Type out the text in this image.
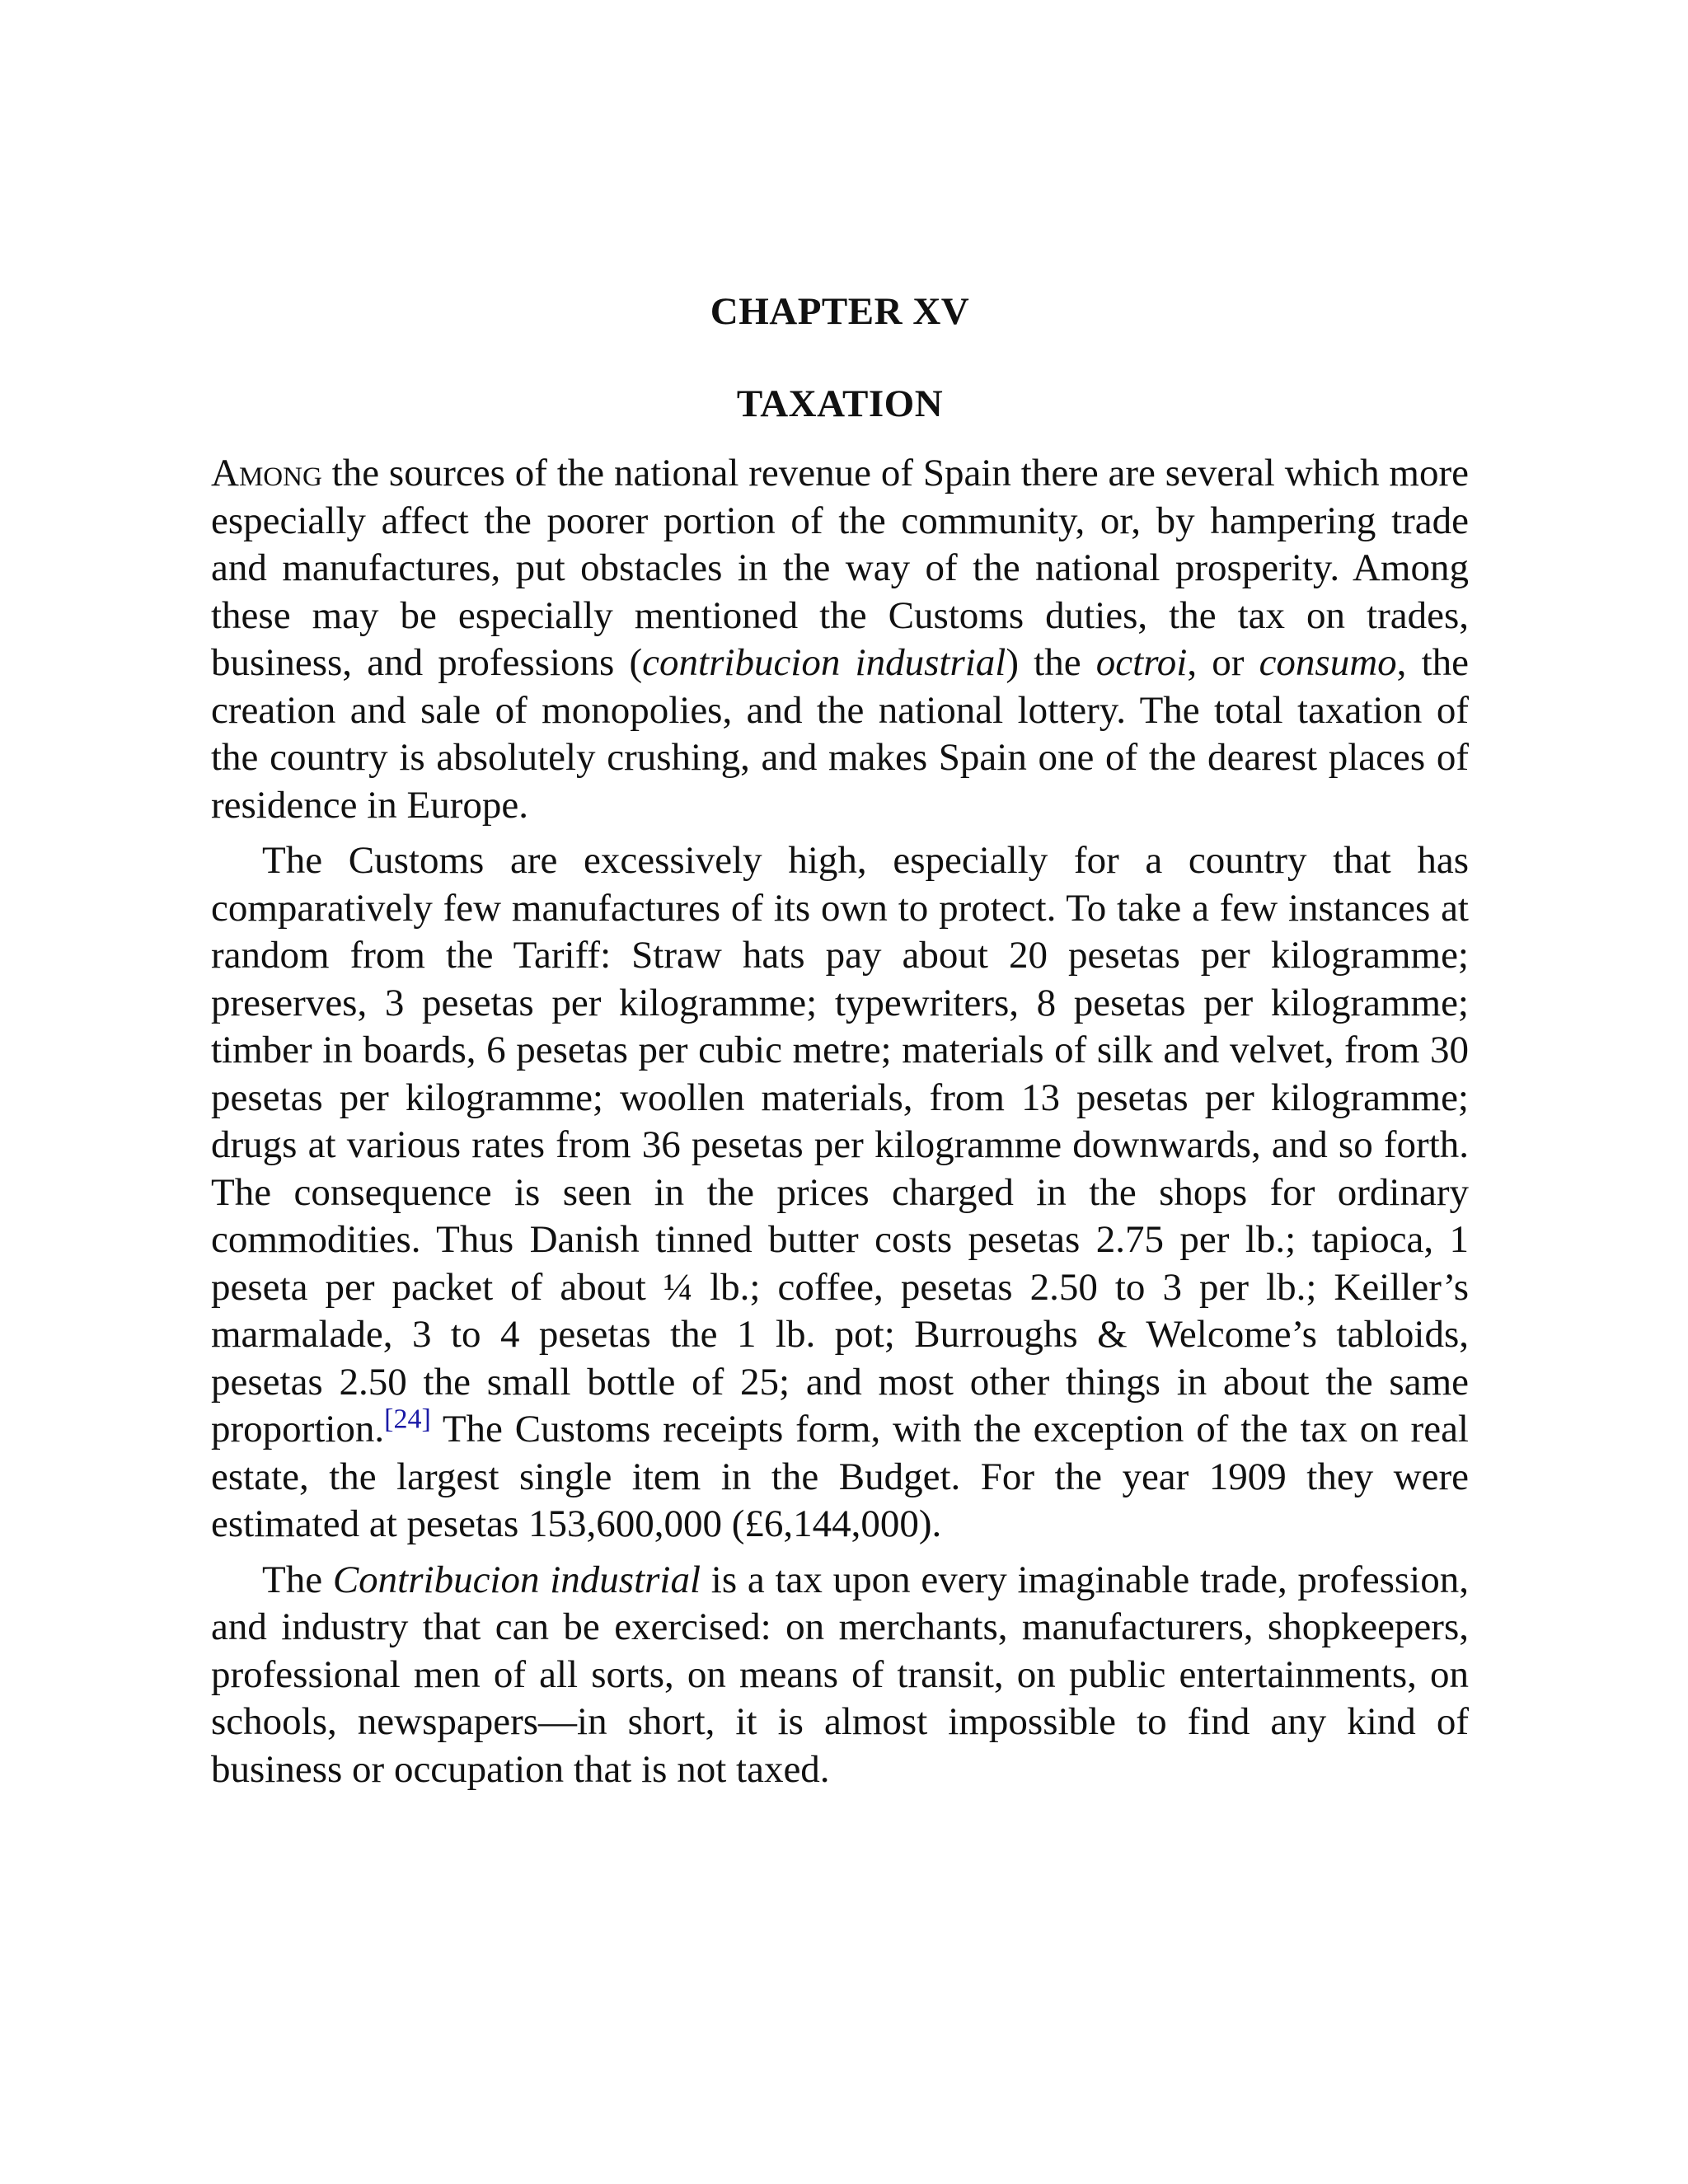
CHAPTER XV
TAXATION

Among the sources of the national revenue of Spain there are several which more especially affect the poorer portion of the community, or, by hampering trade and manufactures, put obstacles in the way of the national prosperity. Among these may be especially mentioned the Customs duties, the tax on trades, business, and professions (contribucion industrial) the octroi, or consumo, the creation and sale of monopolies, and the national lottery. The total taxation of the country is absolutely crushing, and makes Spain one of the dearest places of residence in Europe.

The Customs are excessively high, especially for a country that has comparatively few manufactures of its own to protect. To take a few instances at random from the Tariff: Straw hats pay about 20 pesetas per kilogramme; preserves, 3 pesetas per kilogramme; typewriters, 8 pesetas per kilogramme; timber in boards, 6 pesetas per cubic metre; materials of silk and velvet, from 30 pesetas per kilogramme; woollen materials, from 13 pesetas per kilogramme; drugs at various rates from 36 pesetas per kilogramme downwards, and so forth. The consequence is seen in the prices charged in the shops for ordinary commodities. Thus Danish tinned butter costs pesetas 2.75 per lb.; tapioca, 1 peseta per packet of about ¼ lb.; coffee, pesetas 2.50 to 3 per lb.; Keiller’s marmalade, 3 to 4 pesetas the 1 lb. pot; Burroughs & Welcome’s tabloids, pesetas 2.50 the small bottle of 25; and most other things in about the same proportion.[24] The Customs receipts form, with the exception of the tax on real estate, the largest single item in the Budget. For the year 1909 they were estimated at pesetas 153,600,000 (£6,144,000).

The Contribucion industrial is a tax upon every imaginable trade, profession, and industry that can be exercised: on merchants, manufacturers, shopkeepers, professional men of all sorts, on means of transit, on public entertainments, on schools, newspapers—in short, it is almost impossible to find any kind of business or occupation that is not taxed.
